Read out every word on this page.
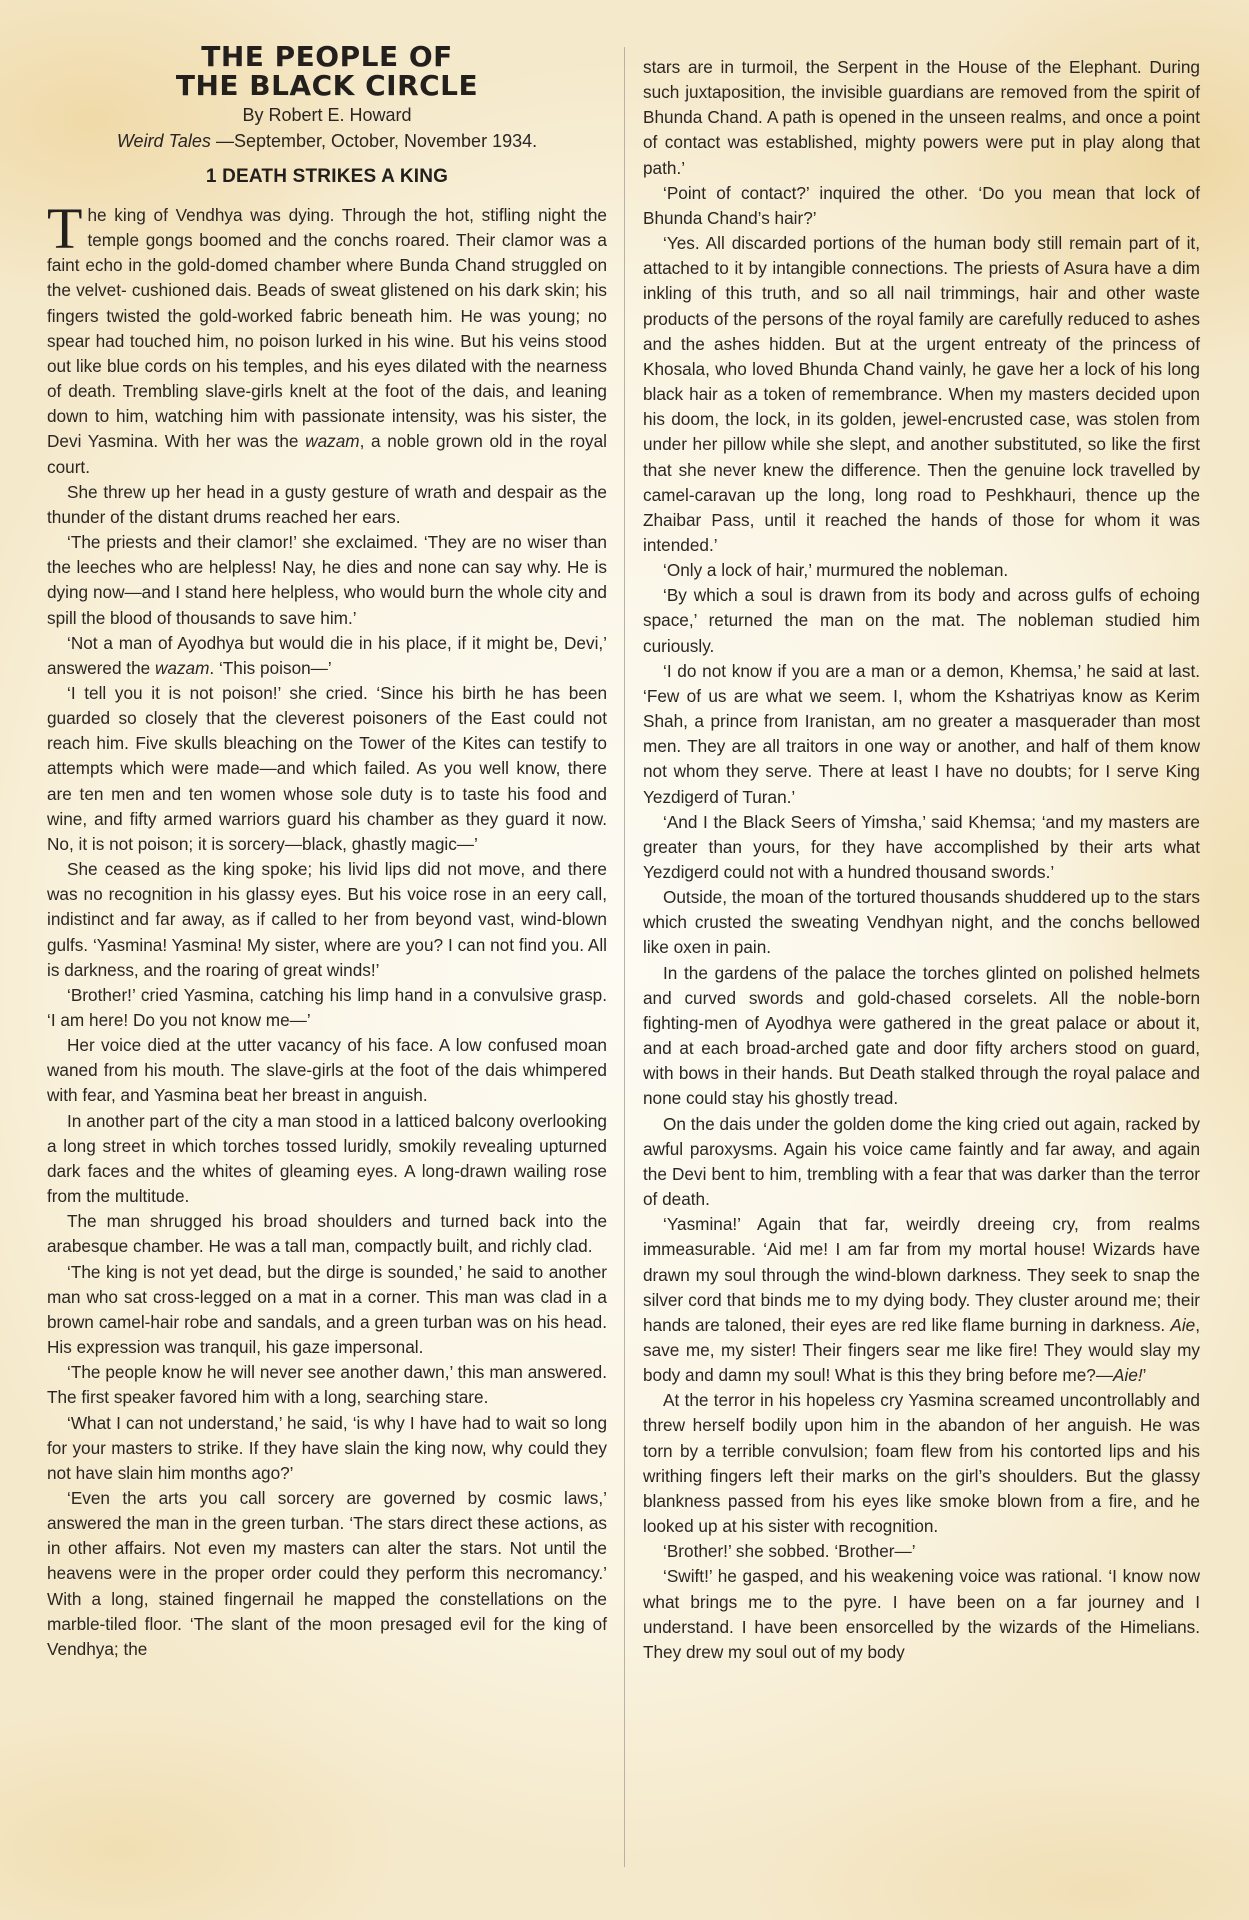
THE PEOPLE OF
THE BLACK CIRCLE
By Robert E. Howard
Weird Tales —September, October, November 1934.
1 DEATH STRIKES A KING

The king of Vendhya was dying. Through the hot, stifling night the temple gongs boomed and the conchs roared. Their clamor was a faint echo in the gold-domed chamber where Bunda Chand struggled on the velvet- cushioned dais. Beads of sweat glistened on his dark skin; his fingers twisted the gold-worked fabric beneath him. He was young; no spear had touched him, no poison lurked in his wine. But his veins stood out like blue cords on his temples, and his eyes dilated with the nearness of death. Trembling slave-girls knelt at the foot of the dais, and leaning down to him, watching him with passionate intensity, was his sister, the Devi Yasmina. With her was the wazam, a noble grown old in the royal court.

She threw up her head in a gusty gesture of wrath and despair as the thunder of the distant drums reached her ears.

‘The priests and their clamor!’ she exclaimed. ‘They are no wiser than the leeches who are helpless! Nay, he dies and none can say why. He is dying now—and I stand here helpless, who would burn the whole city and spill the blood of thousands to save him.’

‘Not a man of Ayodhya but would die in his place, if it might be, Devi,’ answered the wazam. ‘This poison—’

‘I tell you it is not poison!’ she cried. ‘Since his birth he has been guarded so closely that the cleverest poisoners of the East could not reach him. Five skulls bleaching on the Tower of the Kites can testify to attempts which were made—and which failed. As you well know, there are ten men and ten women whose sole duty is to taste his food and wine, and fifty armed warriors guard his chamber as they guard it now. No, it is not poison; it is sorcery—black, ghastly magic—’

She ceased as the king spoke; his livid lips did not move, and there was no recognition in his glassy eyes. But his voice rose in an eery call, indistinct and far away, as if called to her from beyond vast, wind-blown gulfs. ‘Yasmina! Yasmina! My sister, where are you? I can not find you. All is darkness, and the roaring of great winds!’

‘Brother!’ cried Yasmina, catching his limp hand in a convulsive grasp. ‘I am here! Do you not know me—’

Her voice died at the utter vacancy of his face. A low confused moan waned from his mouth. The slave-girls at the foot of the dais whimpered with fear, and Yasmina beat her breast in anguish.

In another part of the city a man stood in a latticed balcony overlooking a long street in which torches tossed luridly, smokily revealing upturned dark faces and the whites of gleaming eyes. A long-drawn wailing rose from the multitude.

The man shrugged his broad shoulders and turned back into the arabesque chamber. He was a tall man, compactly built, and richly clad.

‘The king is not yet dead, but the dirge is sounded,’ he said to another man who sat cross-legged on a mat in a corner. This man was clad in a brown camel-hair robe and sandals, and a green turban was on his head. His expression was tranquil, his gaze impersonal.

‘The people know he will never see another dawn,’ this man answered. The first speaker favored him with a long, searching stare.

‘What I can not understand,’ he said, ‘is why I have had to wait so long for your masters to strike. If they have slain the king now, why could they not have slain him months ago?’

‘Even the arts you call sorcery are governed by cosmic laws,’ answered the man in the green turban. ‘The stars direct these actions, as in other affairs. Not even my masters can alter the stars. Not until the heavens were in the proper order could they perform this necromancy.’ With a long, stained fingernail he mapped the constellations on the marble-tiled floor. ‘The slant of the moon presaged evil for the king of Vendhya; the

stars are in turmoil, the Serpent in the House of the Elephant. During such juxtaposition, the invisible guardians are removed from the spirit of Bhunda Chand. A path is opened in the unseen realms, and once a point of contact was established, mighty powers were put in play along that path.’

‘Point of contact?’ inquired the other. ‘Do you mean that lock of Bhunda Chand’s hair?’

‘Yes. All discarded portions of the human body still remain part of it, attached to it by intangible connections. The priests of Asura have a dim inkling of this truth, and so all nail trimmings, hair and other waste products of the persons of the royal family are carefully reduced to ashes and the ashes hidden. But at the urgent entreaty of the princess of Khosala, who loved Bhunda Chand vainly, he gave her a lock of his long black hair as a token of remembrance. When my masters decided upon his doom, the lock, in its golden, jewel-encrusted case, was stolen from under her pillow while she slept, and another substituted, so like the first that she never knew the difference. Then the genuine lock travelled by camel-caravan up the long, long road to Peshkhauri, thence up the Zhaibar Pass, until it reached the hands of those for whom it was intended.’

‘Only a lock of hair,’ murmured the nobleman.

‘By which a soul is drawn from its body and across gulfs of echoing space,’ returned the man on the mat. The nobleman studied him curiously.

‘I do not know if you are a man or a demon, Khemsa,’ he said at last. ‘Few of us are what we seem. I, whom the Kshatriyas know as Kerim Shah, a prince from Iranistan, am no greater a masquerader than most men. They are all traitors in one way or another, and half of them know not whom they serve. There at least I have no doubts; for I serve King Yezdigerd of Turan.’

‘And I the Black Seers of Yimsha,’ said Khemsa; ‘and my masters are greater than yours, for they have accomplished by their arts what Yezdigerd could not with a hundred thousand swords.’

Outside, the moan of the tortured thousands shuddered up to the stars which crusted the sweating Vendhyan night, and the conchs bellowed like oxen in pain.

In the gardens of the palace the torches glinted on polished helmets and curved swords and gold-chased corselets. All the noble-born fighting-men of Ayodhya were gathered in the great palace or about it, and at each broad-arched gate and door fifty archers stood on guard, with bows in their hands. But Death stalked through the royal palace and none could stay his ghostly tread.

On the dais under the golden dome the king cried out again, racked by awful paroxysms. Again his voice came faintly and far away, and again the Devi bent to him, trembling with a fear that was darker than the terror of death.

‘Yasmina!’ Again that far, weirdly dreeing cry, from realms immeasurable. ‘Aid me! I am far from my mortal house! Wizards have drawn my soul through the wind-blown darkness. They seek to snap the silver cord that binds me to my dying body. They cluster around me; their hands are taloned, their eyes are red like flame burning in darkness. Aie, save me, my sister! Their fingers sear me like fire! They would slay my body and damn my soul! What is this they bring before me?—Aie!’

At the terror in his hopeless cry Yasmina screamed uncontrollably and threw herself bodily upon him in the abandon of her anguish. He was torn by a terrible convulsion; foam flew from his contorted lips and his writhing fingers left their marks on the girl’s shoulders. But the glassy blankness passed from his eyes like smoke blown from a fire, and he looked up at his sister with recognition.

‘Brother!’ she sobbed. ‘Brother—’

‘Swift!’ he gasped, and his weakening voice was rational. ‘I know now what brings me to the pyre. I have been on a far journey and I understand. I have been ensorcelled by the wizards of the Himelians. They drew my soul out of my body
